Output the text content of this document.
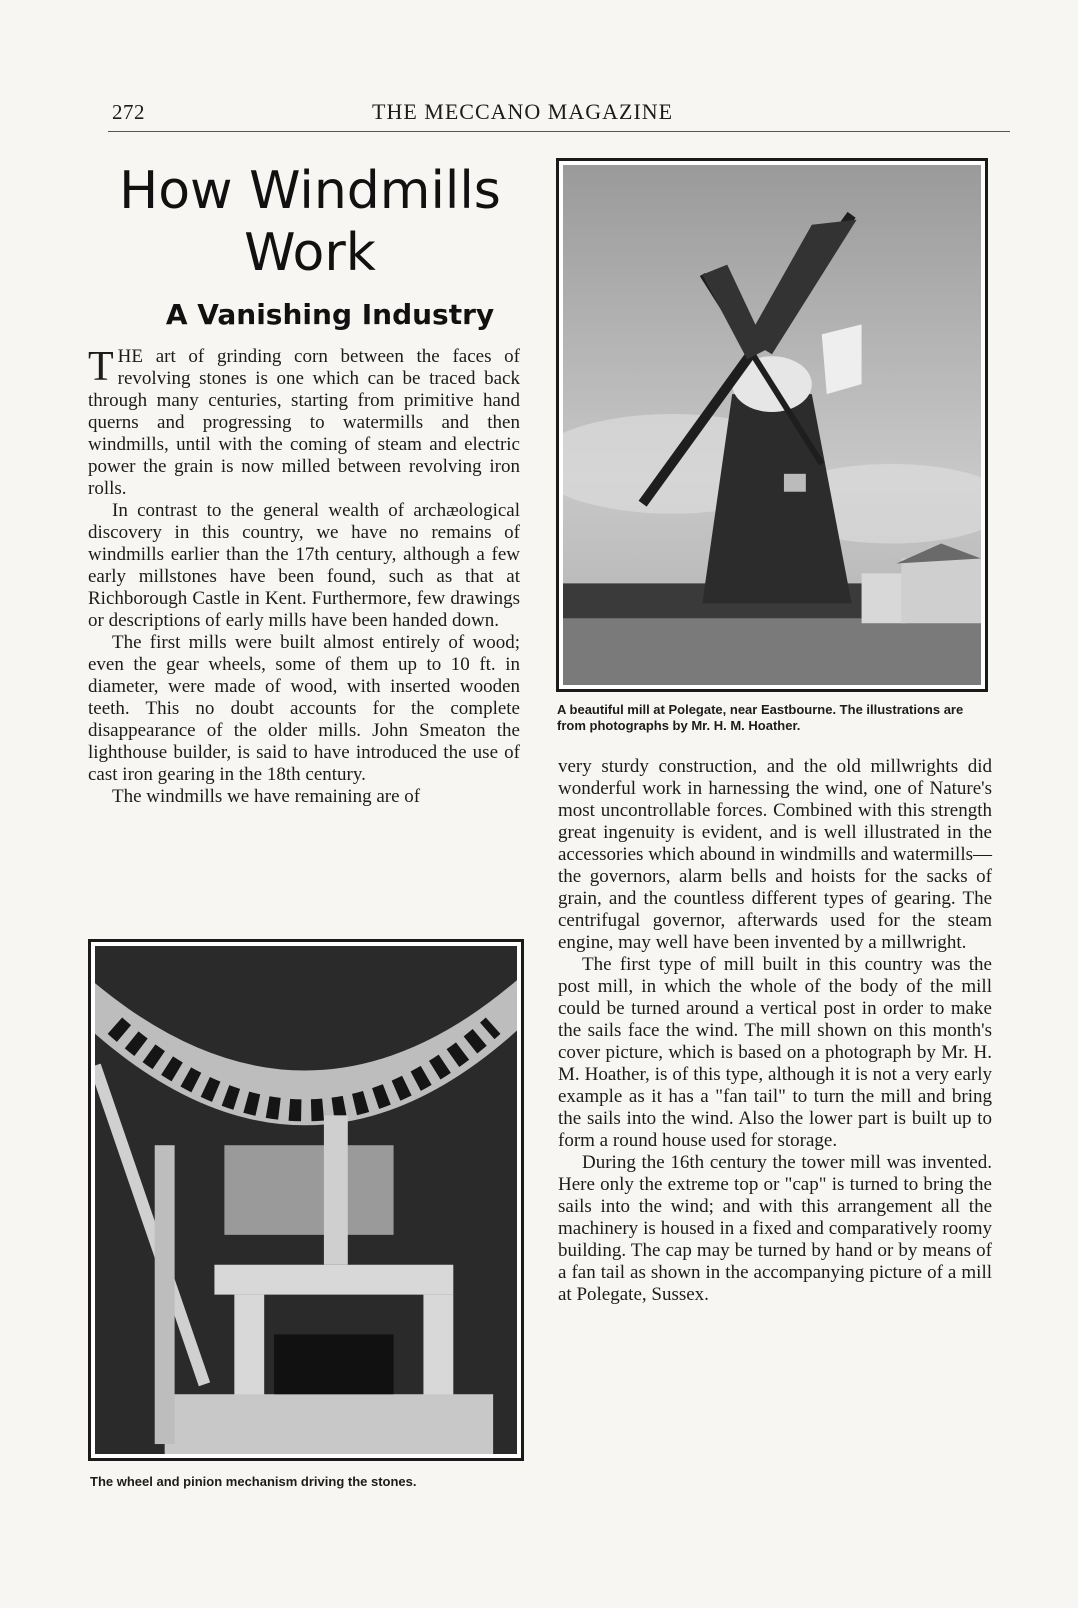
272	THE MECCANO MAGAZINE
How Windmills Work
A Vanishing Industry

THE art of grinding corn between the faces of revolving stones is one which can be traced back through many centuries, starting from primitive hand querns and progressing to watermills and then windmills, until with the coming of steam and electric power the grain is now milled between revolving iron rolls.

In contrast to the general wealth of archæological discovery in this country, we have no remains of windmills earlier than the 17th century, although a few early millstones have been found, such as that at Richborough Castle in Kent. Furthermore, few drawings or descriptions of early mills have been handed down.

The first mills were built almost entirely of wood; even the gear wheels, some of them up to 10 ft. in diameter, were made of wood, with inserted wooden teeth. This no doubt accounts for the complete disappearance of the older mills. John Smeaton the lighthouse builder, is said to have introduced the use of cast iron gearing in the 18th century.

The windmills we have remaining are of

A beautiful mill at Polegate, near Eastbourne. The illustrations are from photographs by Mr. H. M. Hoather.

very sturdy construction, and the old millwrights did wonderful work in harnessing the wind, one of Nature's most uncontrollable forces. Combined with this strength great ingenuity is evident, and is well illustrated in the accessories which abound in windmills and watermills—the governors, alarm bells and hoists for the sacks of grain, and the countless different types of gearing. The centrifugal governor, afterwards used for the steam engine, may well have been invented by a millwright.

The first type of mill built in this country was the post mill, in which the whole of the body of the mill could be turned around a vertical post in order to make the sails face the wind. The mill shown on this month's cover picture, which is based on a photograph by Mr. H. M. Hoather, is of this type, although it is not a very early example as it has a "fan tail" to turn the mill and bring the sails into the wind. Also the lower part is built up to form a round house used for storage.

During the 16th century the tower mill was invented. Here only the extreme top or "cap" is turned to bring the sails into the wind; and with this arrangement all the machinery is housed in a fixed and comparatively roomy building. The cap may be turned by hand or by means of a fan tail as shown in the accompanying picture of a mill at Polegate, Sussex.

The wheel and pinion mechanism driving the stones.
